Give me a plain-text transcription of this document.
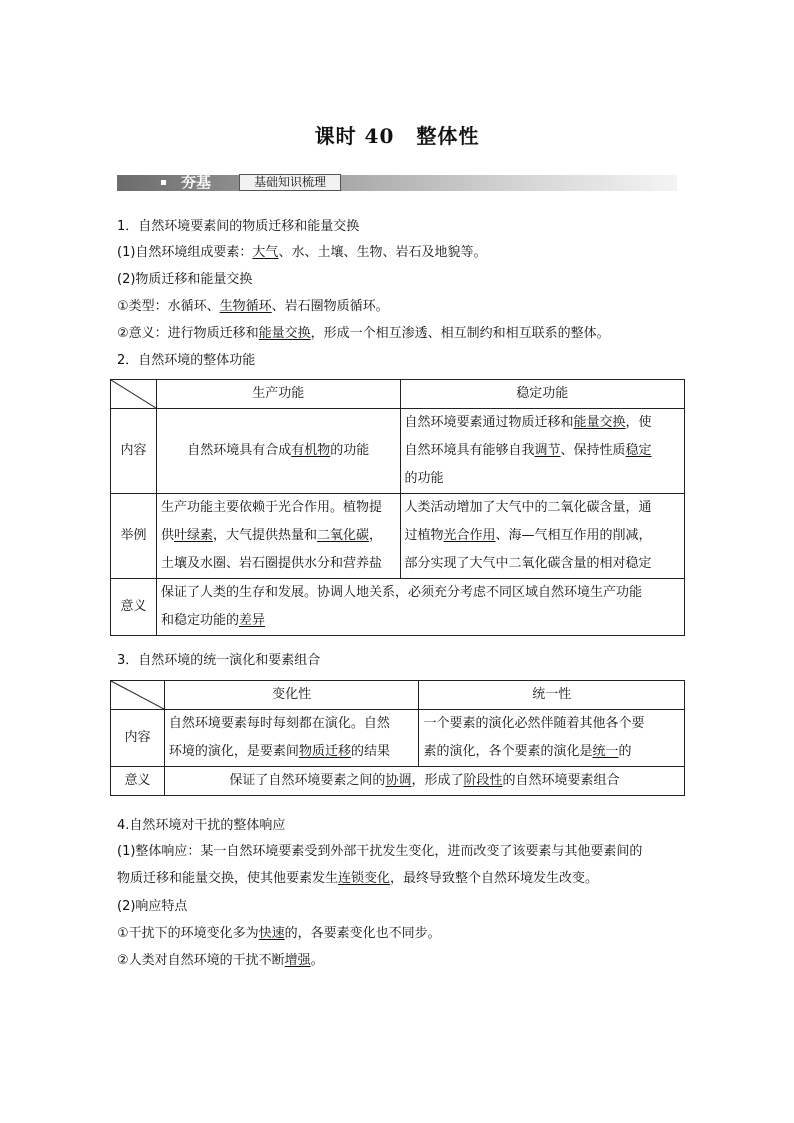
课时 40 整体性
夯基	基础知识梳理
1．自然环境要素间的物质迁移和能量交换
(1)自然环境组成要素：大气、水、土壤、生物、岩石及地貌等。
(2)物质迁移和能量交换
①类型：水循环、生物循环、岩石圈物质循环。
②意义：进行物质迁移和能量交换，形成一个相互渗透、相互制约和相互联系的整体。
2．自然环境的整体功能
	生产功能	稳定功能
内容	自然环境具有合成有机物的功能	自然环境要素通过物质迁移和能量交换，使
自然环境具有能够自我调节、保持性质稳定
的功能
举例	生产功能主要依赖于光合作用。植物提
供叶绿素，大气提供热量和二氧化碳，
土壤及水圈、岩石圈提供水分和营养盐	人类活动增加了大气中的二氧化碳含量，通
过植物光合作用、海—气相互作用的削减，
部分实现了大气中二氧化碳含量的相对稳定
意义	保证了人类的生存和发展。协调人地关系，必须充分考虑不同区域自然环境生产功能
和稳定功能的差异	
3．自然环境的统一演化和要素组合
	变化性	统一性
内容	自然环境要素每时每刻都在演化。自然
环境的演化，是要素间物质迁移的结果	一个要素的演化必然伴随着其他各个要
素的演化，各个要素的演化是统一的
意义	保证了自然环境要素之间的协调，形成了阶段性的自然环境要素组合	
4.自然环境对干扰的整体响应
(1)整体响应：某一自然环境要素受到外部干扰发生变化，进而改变了该要素与其他要素间的
物质迁移和能量交换，使其他要素发生连锁变化，最终导致整个自然环境发生改变。
(2)响应特点
①干扰下的环境变化多为快速的，各要素变化也不同步。
②人类对自然环境的干扰不断增强。
